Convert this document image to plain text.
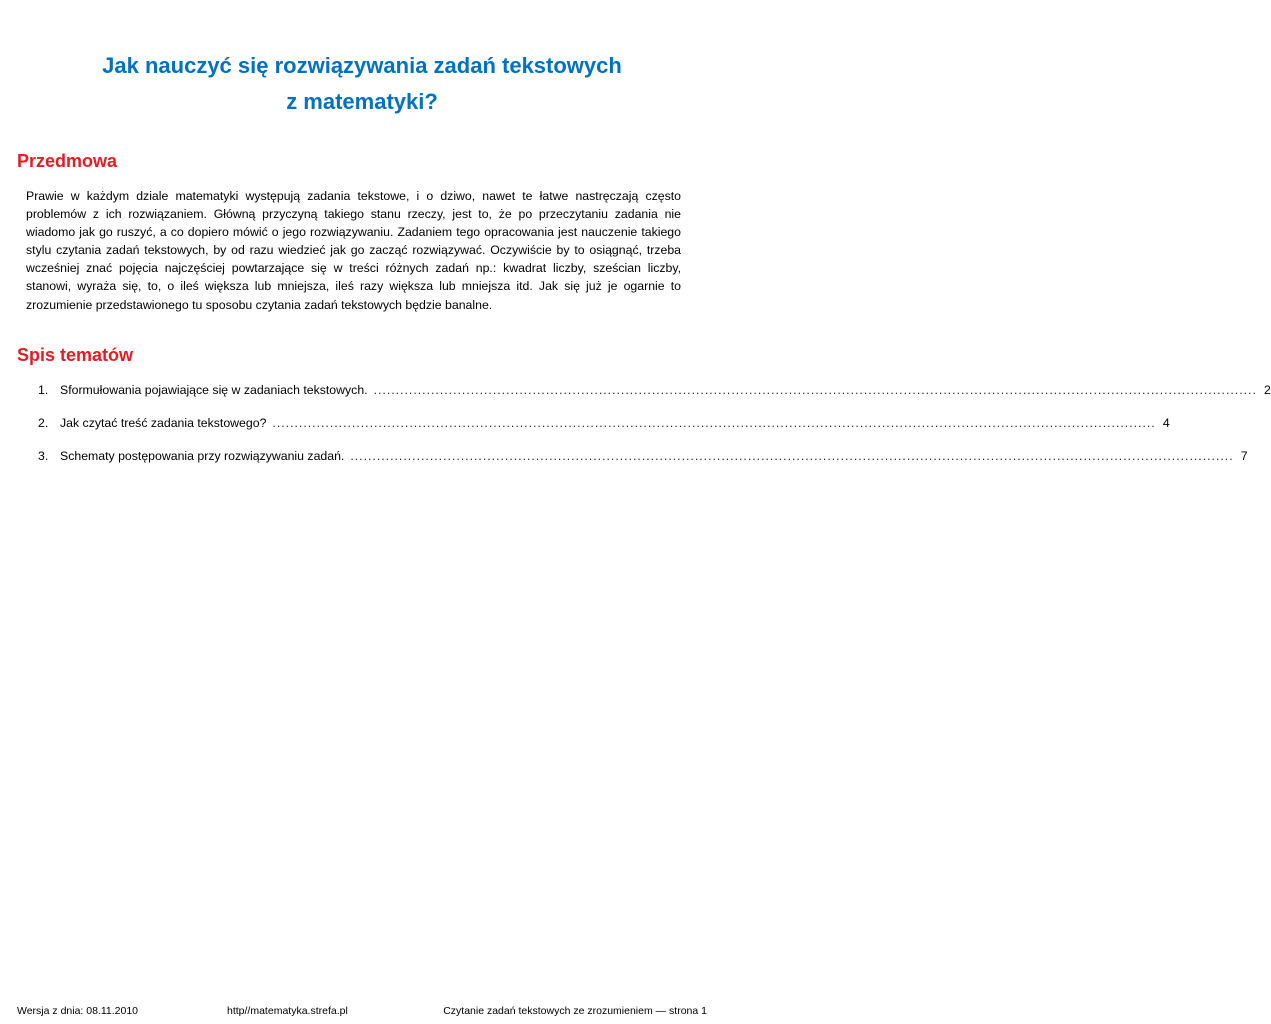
Jak nauczyć się rozwiązywania zadań tekstowych
z matematyki?
Przedmowa

Prawie w każdym dziale matematyki występują zadania tekstowe, i o dziwo, nawet te łatwe nastręczają często problemów z ich rozwiązaniem. Główną przyczyną takiego stanu rzeczy, jest to, że po przeczytaniu zadania nie wiadomo jak go ruszyć, a co dopiero mówić o jego rozwiązywaniu. Zadaniem tego opracowania jest nauczenie takiego stylu czytania zadań tekstowych, by od razu wiedzieć jak go zacząć rozwiązywać. Oczywiście by to osiągnąć, trzeba wcześniej znać pojęcia najczęściej powtarzające się w treści różnych zadań np.: kwadrat liczby, sześcian liczby, stanowi, wyraża się, to, o ileś większa lub mniejsza, ileś razy większa lub mniejsza itd. Jak się już je ogarnie to zrozumienie przedstawionego tu sposobu czytania zadań tekstowych będzie banalne.

Spis tematów
1. Sformułowania pojawiające się w zadaniach tekstowych. ........................................................................................................................................................................................................ 2
2. Jak czytać treść zadania tekstowego? ........................................................................................................................................................................................................ 4
3. Schematy postępowania przy rozwiązywaniu zadań. ........................................................................................................................................................................................................ 7
Wersja z dnia: 08.11.2010	http//matematyka.strefa.pl	Czytanie zadań tekstowych ze zrozumieniem — strona 1
